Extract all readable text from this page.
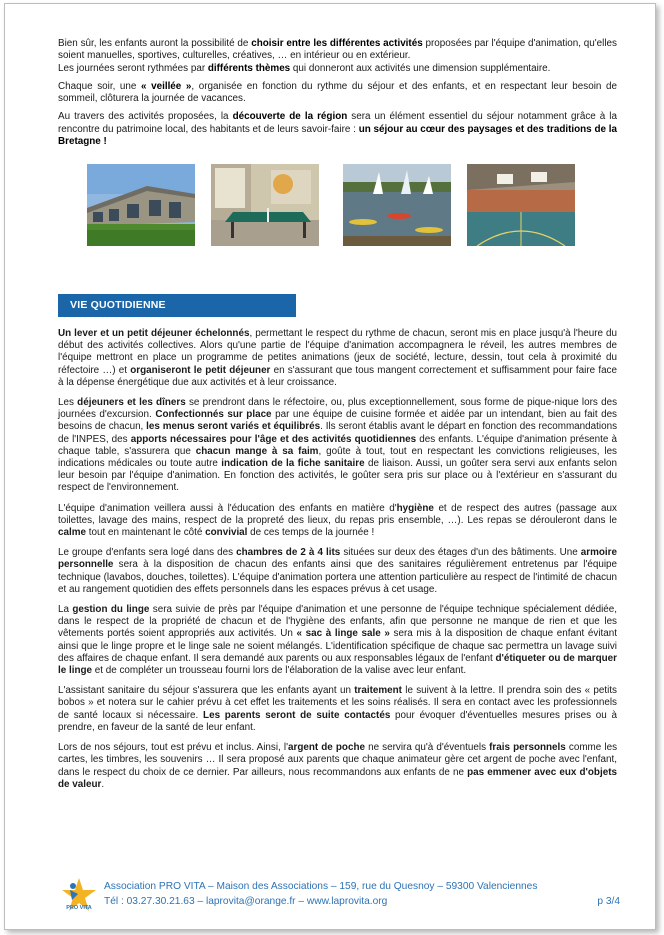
Bien sûr, les enfants auront la possibilité de choisir entre les différentes activités proposées par l'équipe d'animation, qu'elles soient manuelles, sportives, culturelles, créatives, … en intérieur ou en extérieur.

Les journées seront rythmées par différents thèmes qui donneront aux activités une dimension supplémentaire.

Chaque soir, une « veillée », organisée en fonction du rythme du séjour et des enfants, et en respectant leur besoin de sommeil, clôturera la journée de vacances.

Au travers des activités proposées, la découverte de la région sera un élément essentiel du séjour notamment grâce à la rencontre du patrimoine local, des habitants et de leurs savoir-faire : un séjour au cœur des paysages et des traditions de la Bretagne !

VIE QUOTIDIENNE

Un lever et un petit déjeuner échelonnés, permettant le respect du rythme de chacun, seront mis en place jusqu'à l'heure du début des activités collectives. Alors qu'une partie de l'équipe d'animation accompagnera le réveil, les autres membres de l'équipe mettront en place un programme de petites animations (jeux de société, lecture, dessin, tout cela à proximité du réfectoire …) et organiseront le petit déjeuner en s'assurant que tous mangent correctement et suffisamment pour faire face à la dépense énergétique due aux activités et à leur croissance.

Les déjeuners et les dîners se prendront dans le réfectoire, ou, plus exceptionnellement, sous forme de pique-nique lors des journées d'excursion. Confectionnés sur place par une équipe de cuisine formée et aidée par un intendant, bien au fait des besoins de chacun, les menus seront variés et équilibrés. Ils seront établis avant le départ en fonction des recommandations de l'INPES, des apports nécessaires pour l'âge et des activités quotidiennes des enfants. L'équipe d'animation présente à chaque table, s'assurera que chacun mange à sa faim, goûte à tout, tout en respectant les convictions religieuses, les indications médicales ou toute autre indication de la fiche sanitaire de liaison. Aussi, un goûter sera servi aux enfants selon leur besoin par l'équipe d'animation. En fonction des activités, le goûter sera pris sur place ou à l'extérieur en s'assurant du respect de l'environnement.

L'équipe d'animation veillera aussi à l'éducation des enfants en matière d'hygiène et de respect des autres (passage aux toilettes, lavage des mains, respect de la propreté des lieux, du repas pris ensemble, …). Les repas se dérouleront dans le calme tout en maintenant le côté convivial de ces temps de la journée !

Le groupe d'enfants sera logé dans des chambres de 2 à 4 lits situées sur deux des étages d'un des bâtiments. Une armoire personnelle sera à la disposition de chacun des enfants ainsi que des sanitaires régulièrement entretenus par l'équipe technique (lavabos, douches, toilettes). L'équipe d'animation portera une attention particulière au respect de l'intimité de chacun et au rangement quotidien des effets personnels dans les espaces prévus à cet usage.

La gestion du linge sera suivie de près par l'équipe d'animation et une personne de l'équipe technique spécialement dédiée, dans le respect de la propriété de chacun et de l'hygiène des enfants, afin que personne ne manque de rien et que les vêtements portés soient appropriés aux activités. Un « sac à linge sale » sera mis à la disposition de chaque enfant évitant ainsi que le linge propre et le linge sale ne soient mélangés. L'identification spécifique de chaque sac permettra un lavage suivi des affaires de chaque enfant. Il sera demandé aux parents ou aux responsables légaux de l'enfant d'étiqueter ou de marquer le linge et de compléter un trousseau fourni lors de l'élaboration de la valise avec leur enfant.

L'assistant sanitaire du séjour s'assurera que les enfants ayant un traitement le suivent à la lettre. Il prendra soin des « petits bobos » et notera sur le cahier prévu à cet effet les traitements et les soins réalisés. Il sera en contact avec les professionnels de santé locaux si nécessaire. Les parents seront de suite contactés pour évoquer d'éventuelles mesures prises ou à prendre, en faveur de la santé de leur enfant.

Lors de nos séjours, tout est prévu et inclus. Ainsi, l'argent de poche ne servira qu'à d'éventuels frais personnels comme les cartes, les timbres, les souvenirs … Il sera proposé aux parents que chaque animateur gère cet argent de poche avec l'enfant, dans le respect du choix de ce dernier. Par ailleurs, nous recommandons aux enfants de ne pas emmener avec eux d'objets de valeur.

PRO VITA
Association PRO VITA – Maison des Associations – 159, rue du Quesnoy – 59300 Valenciennes
Tél : 03.27.30.21.63 – laprovita@orange.fr – www.laprovita.org	p 3/4
